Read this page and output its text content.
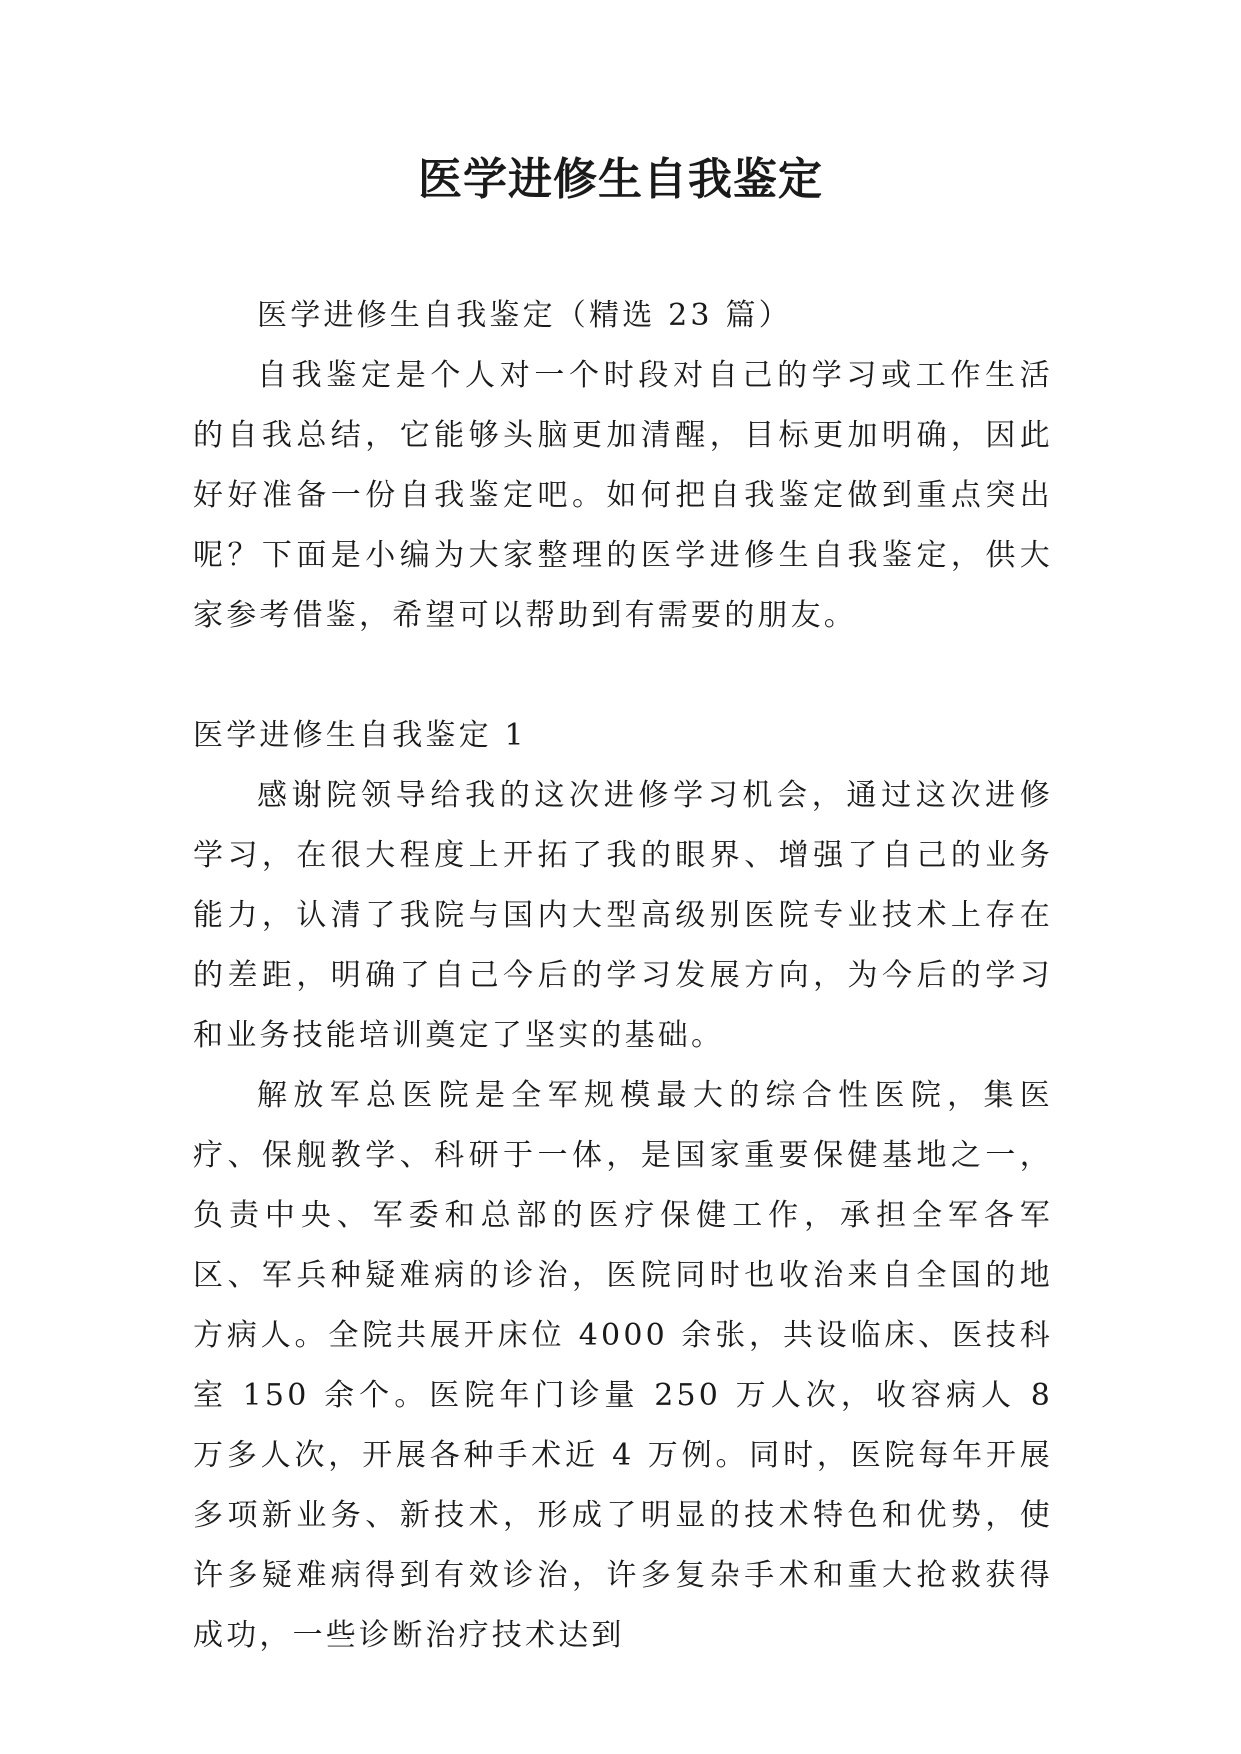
医学进修生自我鉴定

医学进修生自我鉴定（精选 23 篇）

自我鉴定是个人对一个时段对自己的学习或工作生活的自我总结，它能够头脑更加清醒，目标更加明确，因此好好准备一份自我鉴定吧。如何把自我鉴定做到重点突出呢？下面是小编为大家整理的医学进修生自我鉴定，供大家参考借鉴，希望可以帮助到有需要的朋友。

医学进修生自我鉴定 1

感谢院领导给我的这次进修学习机会，通过这次进修学习，在很大程度上开拓了我的眼界、增强了自己的业务能力，认清了我院与国内大型高级别医院专业技术上存在的差距，明确了自己今后的学习发展方向，为今后的学习和业务技能培训奠定了坚实的基础。

解放军总医院是全军规模最大的综合性医院，集医疗、保舰教学、科研于一体，是国家重要保健基地之一，负责中央、军委和总部的医疗保健工作，承担全军各军区、军兵种疑难病的诊治，医院同时也收治来自全国的地方病人。全院共展开床位 4000 余张，共设临床、医技科室 150 余个。医院年门诊量 250 万人次，收容病人 8 万多人次，开展各种手术近 4 万例。同时，医院每年开展多项新业务、新技术，形成了明显的技术特色和优势，使许多疑难病得到有效诊治，许多复杂手术和重大抢救获得成功，一些诊断治疗技术达到
